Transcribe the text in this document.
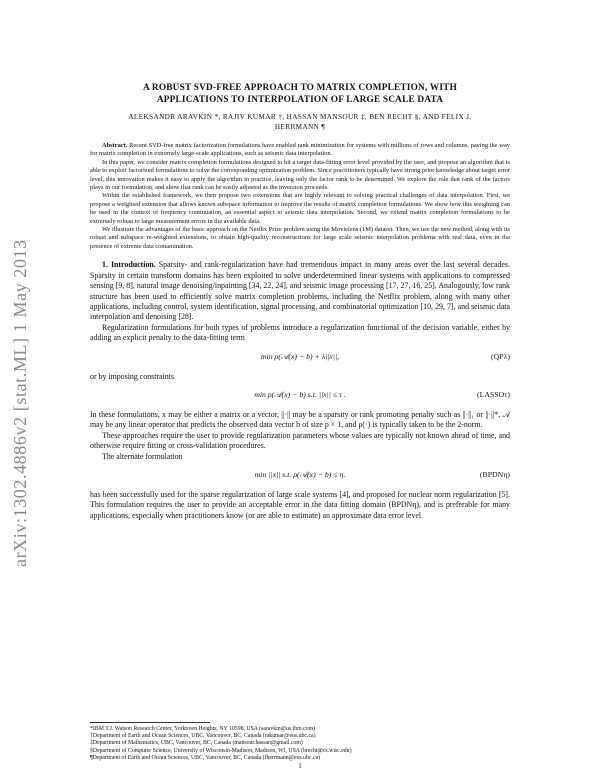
arXiv:1302.4886v2 [stat.ML] 1 May 2013
A ROBUST SVD-FREE APPROACH TO MATRIX COMPLETION, WITH
APPLICATIONS TO INTERPOLATION OF LARGE SCALE DATA
ALEKSANDR ARAVKIN *, RAJIV KUMAR †, HASSAN MANSOUR ‡, BEN RECHT §, AND FELIX J.
HERRMANN ¶

Abstract. Recent SVD-free matrix factorization formulations have enabled rank minimization for systems with millions of rows and columns, paving the way for matrix completion in extremely large-scale applications, such as seismic data interpolation.

In this paper, we consider matrix completion formulations designed to hit a target data-fitting error level provided by the user, and propose an algorithm that is able to exploit factorized formulations to solve the corresponding optimization problem. Since practitioners typically have strong prior knowledge about target error level, this innovation makes it easy to apply the algorithm in practice, leaving only the factor rank to be determined. We explore the role that rank of the factors plays in our formulation, and show that rank can be easily adjusted as the inversion proceeds.

Within the established framework, we then propose two extensions that are highly relevant to solving practical challenges of data interpolation. First, we propose a weighted extension that allows known subspace information to improve the results of matrix completion formulations. We show how this weighting can be used in the context of frequency continuation, an essential aspect to seismic data interpolation. Second, we extend matrix completion formulations to be extremely robust to large measurement errors in the available data.

We illustrate the advantages of the basic approach on the Netflix Prize problem using the Movielens (1M) dataset. Then, we use the new method, along with its robust and subspace re-weighted extensions, to obtain high-quality reconstructions for large scale seismic interpolation problems with real data, even in the presence of extreme data contamination.

1. Introduction. Sparsity- and rank-regularization have had tremendous impact in many areas over the last several decades. Sparsity in certain transform domains has been exploited to solve underdetermined linear systems with applications to compressed sensing [9, 8], natural image denoising/inpainting [34, 22, 24], and seismic image processing [17, 27, 16, 25]. Analogously, low rank structure has been used to efficiently solve matrix completion problems, including the Netflix problem, along with many other applications, including control, system identification, signal processing, and combinatorial optimization [10, 29, 7], and seismic data interpolation and denoising [28].

Regularization formulations for both types of problems introduce a regularization functional of the decision variable, either by adding an explicit penalty to the data-fitting term

min ρ(𝒜(x) − b) + λ||x||,	(QPλ)

or by imposing constraints

min ρ(𝒜(x) − b) s.t. ||x|| ≤ τ .	(LASSOτ)

In these formulations, x may be either a matrix or a vector, ||·|| may be a sparsity or rank promoting penalty such as ||·||₁ or ||·||*, 𝒜 may be any linear operator that predicts the observed data vector b of size p × 1, and ρ(·) is typically taken to be the 2-norm.

These approaches require the user to provide regularization parameters whose values are typically not known ahead of time, and otherwise require fitting or cross-validation procedures.

The alternate formulation

min ||x|| s.t. ρ(𝒜(x) − b) ≤ η.	(BPDNη)

has been successfully used for the sparse regularization of large scale systems [4], and proposed for nuclear norm regularization [5]. This formulation requires the user to provide an acceptable error in the data fitting domain (BPDNη), and is preferable for many applications, especially when practitioners know (or are able to estimate) an approximate data error level.

*IBM T.J. Watson Research Center, Yorktown Heights, NY 10598, USA (saravkin@us.ibm.com)
†Department of Earth and Ocean Sciences, UBC, Vancouver, BC, Canada (rakumar@eos.ubc.ca)
‡Department of Mathematics, UBC, Vancouver, BC, Canada (mansour.hassan@gmail.com)
§Department of Computer Science, University of Wisconsin-Madison, Madison, WI, USA (brecht@cs.wisc.edu)
¶Department of Earth and Ocean Sciences, UBC, Vancouver, BC, Canada (fherrmann@eos.ubc.ca)
1
